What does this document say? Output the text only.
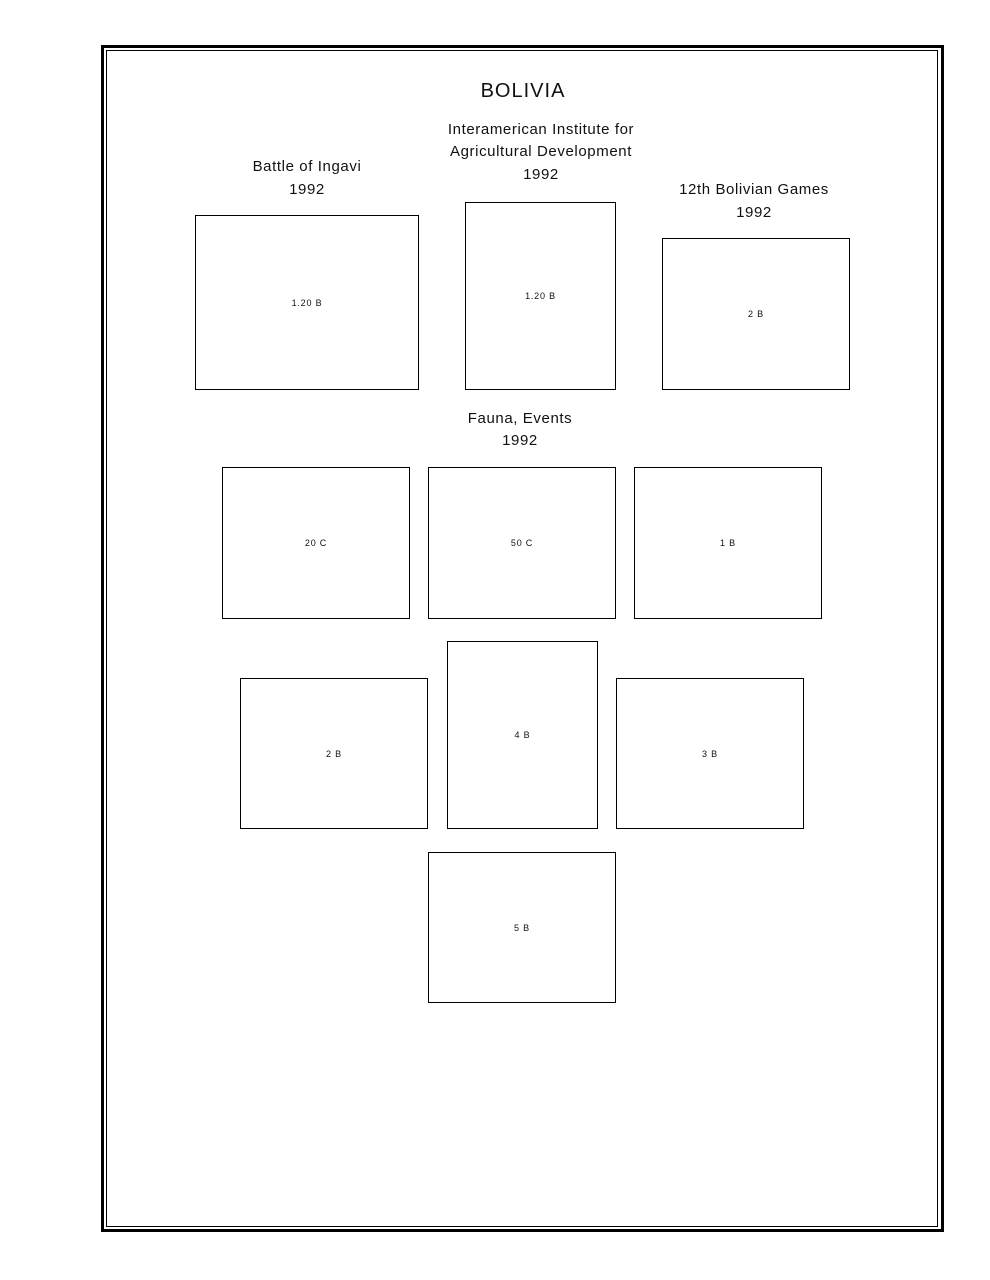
BOLIVIA
Battle of Ingavi
1992
1.20 B
Interamerican Institute for
Agricultural Development
1992
1.20 B
12th Bolivian Games
1992
2 B
Fauna, Events
1992
20 C	50 C	1 B
2 B
4 B
3 B
5 B
